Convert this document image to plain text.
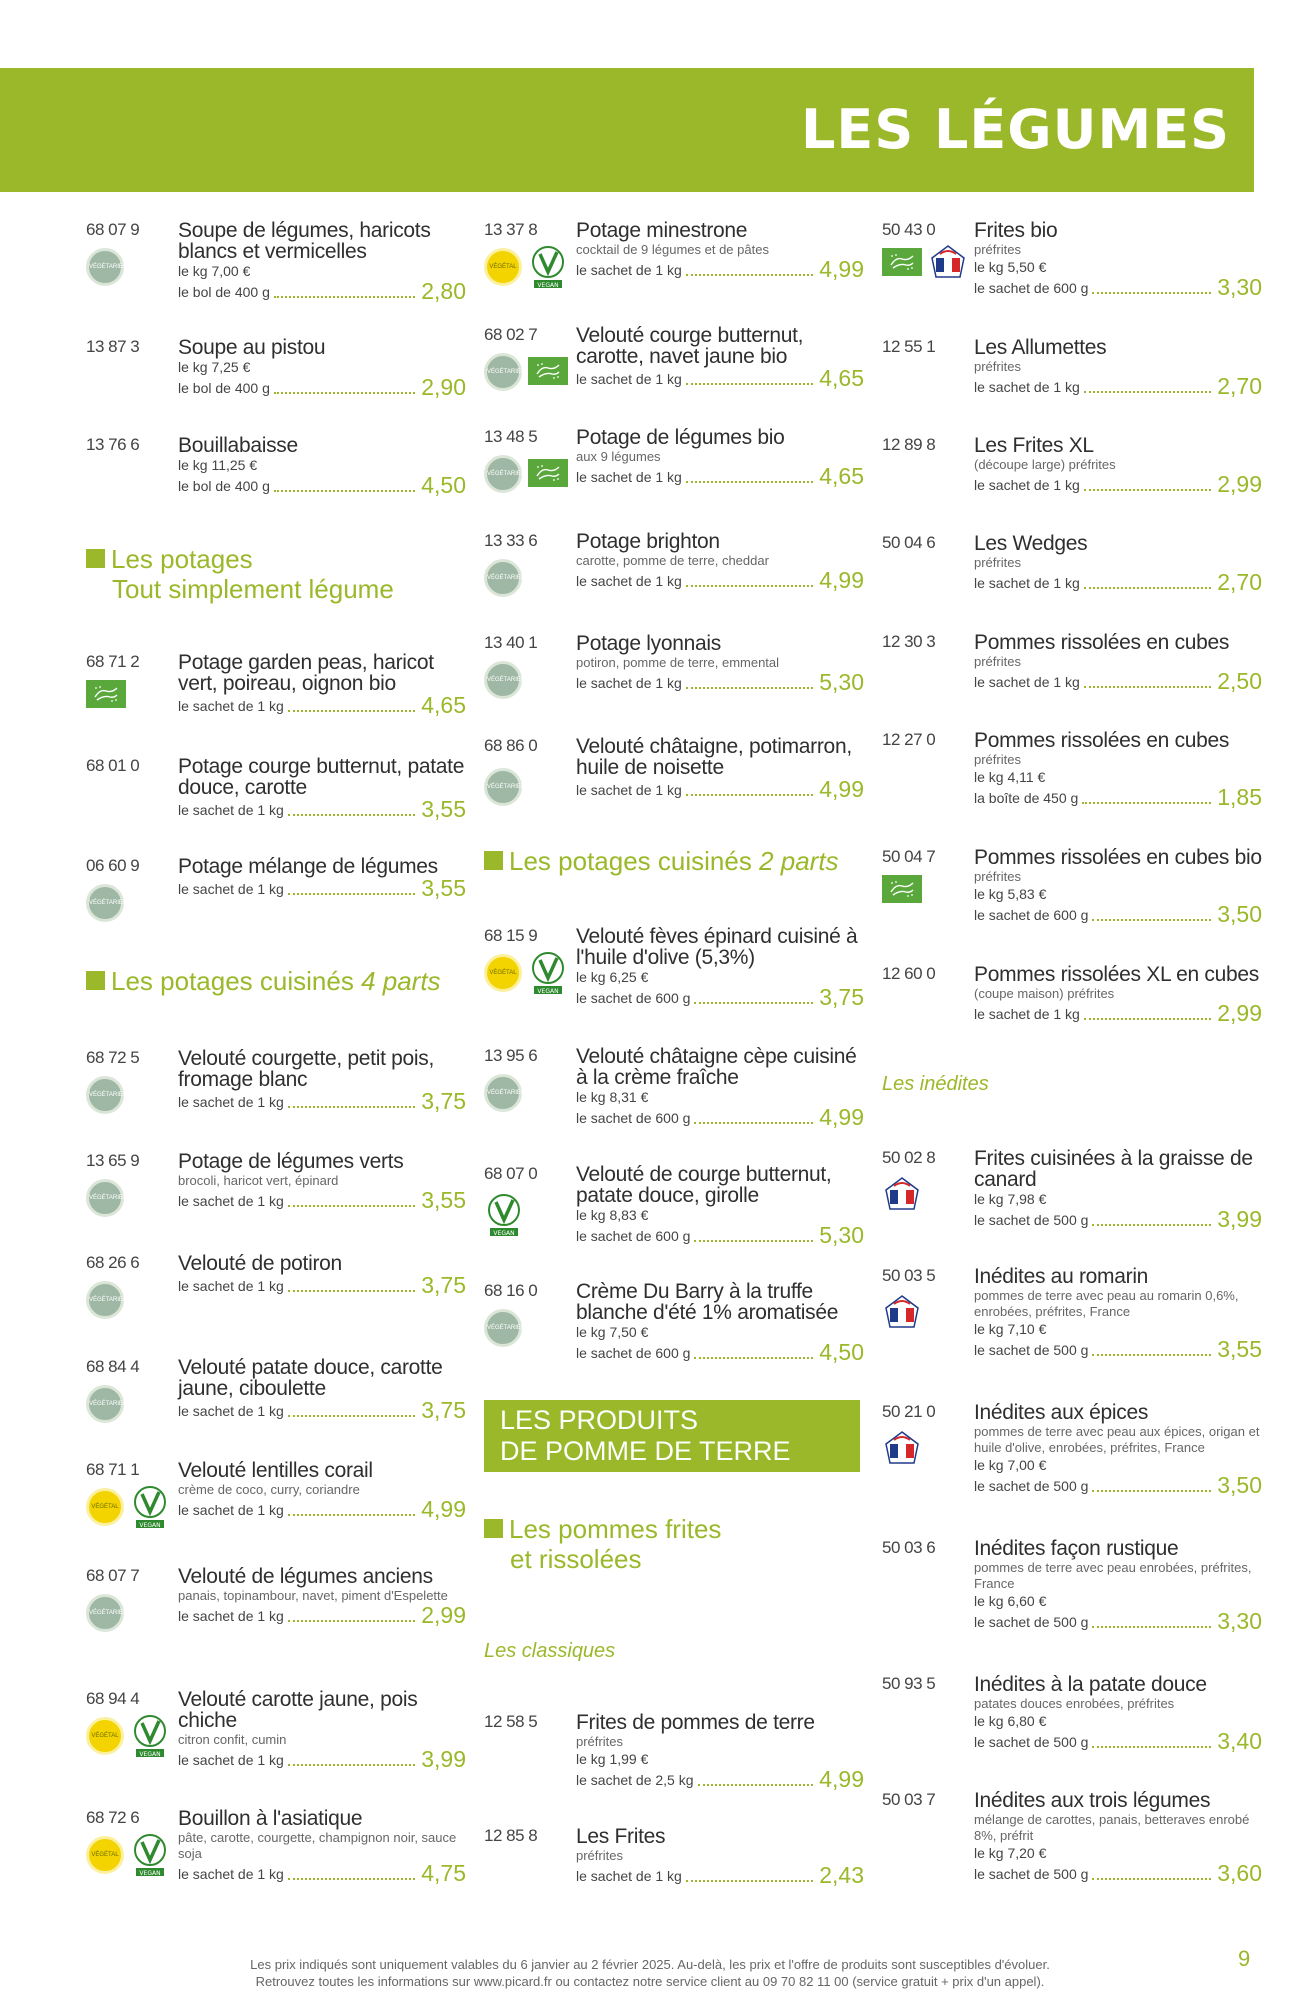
LES LÉGUMES
68 07 9
VÉGÉTARIEN
Soupe de légumes, haricots blancs et vermicelles
le kg 7,00 €
le bol de 400 g	2,80
13 87 3 Soupe au pistou
le kg 7,25 €
le bol de 400 g	2,90
13 76 6 Bouillabaisse
le kg 11,25 €
le bol de 400 g	4,50
Les potages
Tout simplement légume
68 71 2 Potage garden peas, haricot vert, poireau, oignon bio
le sachet de 1 kg	4,65
68 01 0 Potage courge butternut, patate douce, carotte
le sachet de 1 kg	3,55
06 60 9
VÉGÉTARIEN
Potage mélange de légumes
le sachet de 1 kg	3,55
Les potages cuisinés 4 parts
68 72 5
VÉGÉTARIEN
Velouté courgette, petit pois, fromage blanc
le sachet de 1 kg	3,75
13 65 9
VÉGÉTARIEN
Potage de légumes verts
brocoli, haricot vert, épinard
le sachet de 1 kg	3,55
68 26 6
VÉGÉTARIEN
Velouté de potiron
le sachet de 1 kg	3,75
68 84 4
VÉGÉTARIEN
Velouté patate douce, carotte jaune, ciboulette
le sachet de 1 kg	3,75
68 71 1
VÉGÉTAL
VEGAN
Velouté lentilles corail
crème de coco, curry, coriandre
le sachet de 1 kg	4,99
68 07 7
VÉGÉTARIEN
Velouté de légumes anciens
panais, topinambour, navet, piment d'Espelette
le sachet de 1 kg	2,99
68 94 4
VÉGÉTAL
VEGAN
Velouté carotte jaune, pois chiche
citron confit, cumin
le sachet de 1 kg	3,99
68 72 6
VÉGÉTAL
VEGAN
Bouillon à l'asiatique
pâte, carotte, courgette, champignon noir, sauce soja
le sachet de 1 kg	4,75
13 37 8
VÉGÉTAL
VEGAN
Potage minestrone
cocktail de 9 légumes et de pâtes
le sachet de 1 kg	4,99
68 02 7
VÉGÉTARIEN
Velouté courge butternut, carotte, navet jaune bio
le sachet de 1 kg	4,65
13 48 5
VÉGÉTARIEN
Potage de légumes bio
aux 9 légumes
le sachet de 1 kg	4,65
13 33 6
VÉGÉTARIEN
Potage brighton
carotte, pomme de terre, cheddar
le sachet de 1 kg	4,99
13 40 1
VÉGÉTARIEN
Potage lyonnais
potiron, pomme de terre, emmental
le sachet de 1 kg	5,30
68 86 0
VÉGÉTARIEN
Velouté châtaigne, potimarron, huile de noisette
le sachet de 1 kg	4,99
Les potages cuisinés 2 parts
68 15 9
VÉGÉTAL
VEGAN
Velouté fèves épinard cuisiné à l'huile d'olive (5,3%)
le kg 6,25 €
le sachet de 600 g	3,75
13 95 6
VÉGÉTARIEN
Velouté châtaigne cèpe cuisiné à la crème fraîche
le kg 8,31 €
le sachet de 600 g	4,99
68 07 0
VEGAN
Velouté de courge butternut, patate douce, girolle
le kg 8,83 €
le sachet de 600 g	5,30
68 16 0
VÉGÉTARIEN
Crème Du Barry à la truffe blanche d'été 1% aromatisée
le kg 7,50 €
le sachet de 600 g	4,50
LES PRODUITS
DE POMME DE TERRE
Les pommes frites
et rissolées
Les classiques
12 58 5 Frites de pommes de terre
préfrites
le kg 1,99 €
le sachet de 2,5 kg	4,99
12 85 8 Les Frites
préfrites
le sachet de 1 kg	2,43
50 43 0 Frites bio
préfrites
le kg 5,50 €
le sachet de 600 g	3,30
12 55 1 Les Allumettes
préfrites
le sachet de 1 kg	2,70
12 89 8 Les Frites XL
(découpe large) préfrites
le sachet de 1 kg	2,99
50 04 6 Les Wedges
préfrites
le sachet de 1 kg	2,70
12 30 3 Pommes rissolées en cubes
préfrites
le sachet de 1 kg	2,50
12 27 0 Pommes rissolées en cubes
préfrites
le kg 4,11 €
la boîte de 450 g	1,85
50 04 7 Pommes rissolées en cubes bio
préfrites
le kg 5,83 €
le sachet de 600 g	3,50
12 60 0 Pommes rissolées XL en cubes
(coupe maison) préfrites
le sachet de 1 kg	2,99
Les inédites
50 02 8 Frites cuisinées à la graisse de canard
le kg 7,98 €
le sachet de 500 g	3,99
50 03 5 Inédites au romarin
pommes de terre avec peau au romarin 0,6%, enrobées, préfrites, France
le kg 7,10 €
le sachet de 500 g	3,55
50 21 0 Inédites aux épices
pommes de terre avec peau aux épices, origan et huile d'olive, enrobées, préfrites, France
le kg 7,00 €
le sachet de 500 g	3,50
50 03 6 Inédites façon rustique
pommes de terre avec peau enrobées, préfrites, France
le kg 6,60 €
le sachet de 500 g	3,30
50 93 5 Inédites à la patate douce
patates douces enrobées, préfrites
le kg 6,80 €
le sachet de 500 g	3,40
50 03 7 Inédites aux trois légumes
mélange de carottes, panais, betteraves enrobé 8%, préfrit
le kg 7,20 €
le sachet de 500 g	3,60
Les prix indiqués sont uniquement valables du 6 janvier au 2 février 2025. Au-delà, les prix et l'offre de produits sont susceptibles d'évoluer.
Retrouvez toutes les informations sur www.picard.fr ou contactez notre service client au 09 70 82 11 00 (service gratuit + prix d'un appel).
9
